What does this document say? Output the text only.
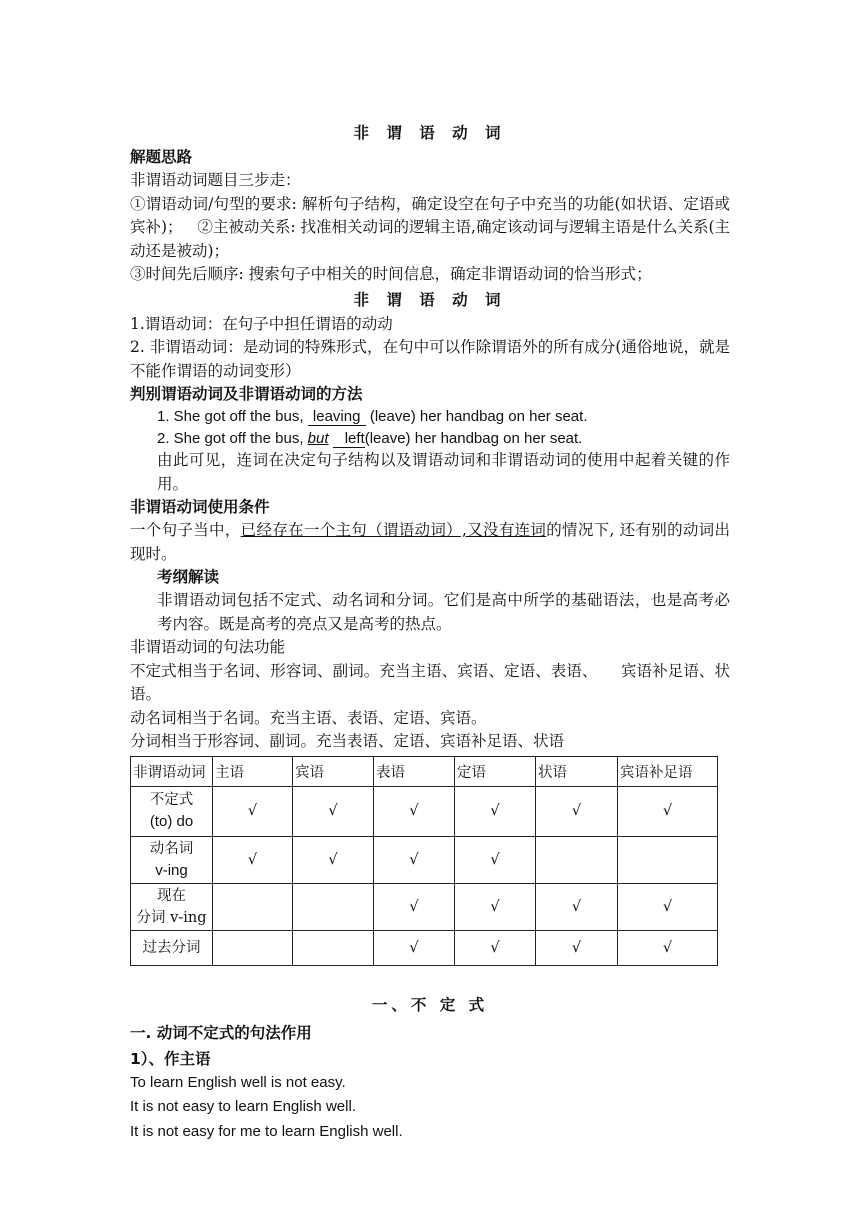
非 谓 语 动 词
解题思路

非谓语动词题目三步走：

①谓语动词/句型的要求: 解析句子结构，确定设空在句子中充当的功能(如状语、定语或宾补)； ②主被动关系: 找准相关动词的逻辑主语,确定该动词与逻辑主语是什么关系(主动还是被动)；

③时间先后顺序: 搜索句子中相关的时间信息，确定非谓语动词的恰当形式；

非 谓 语 动 词

1.谓语动词：在句子中担任谓语的动动

2. 非谓语动词：是动词的特殊形式，在句中可以作除谓语外的所有成分(通俗地说，就是不能作谓语的动词变形）

判别谓语动词及非谓语动词的方法

1. She got off the bus, leaving (leave) her handbag on her seat.

2. She got off the bus, but left(leave) her handbag on her seat.

由此可见，连词在决定句子结构以及谓语动词和非谓语动词的使用中起着关键的作用。

非谓语动词使用条件

一个句子当中，已经存在一个主句（谓语动词）,又没有连词的情况下, 还有别的动词出现时。

考纲解读

非谓语动词包括不定式、动名词和分词。它们是高中所学的基础语法，也是高考必考内容。既是高考的亮点又是高考的热点。

非谓语动词的句法功能

不定式相当于名词、形容词、副词。充当主语、宾语、定语、表语、　　宾语补足语、状语。

动名词相当于名词。充当主语、表语、定语、宾语。

分词相当于形容词、副词。充当表语、定语、宾语补足语、状语

非谓语动词	主语	宾语	表语	定语	状语	宾语补足语

不定式
(to) do	√	√	√	√	√	√

动名词
v-ing	√	√	√	√		

现在
分词 v-ing			√	√	√	√

过去分词			√	√	√	√
一、不 定 式
一. 动词不定式的句法作用
1）、作主语

To learn English well is not easy.

It is not easy to learn English well.

It is not easy for me to learn English well.
